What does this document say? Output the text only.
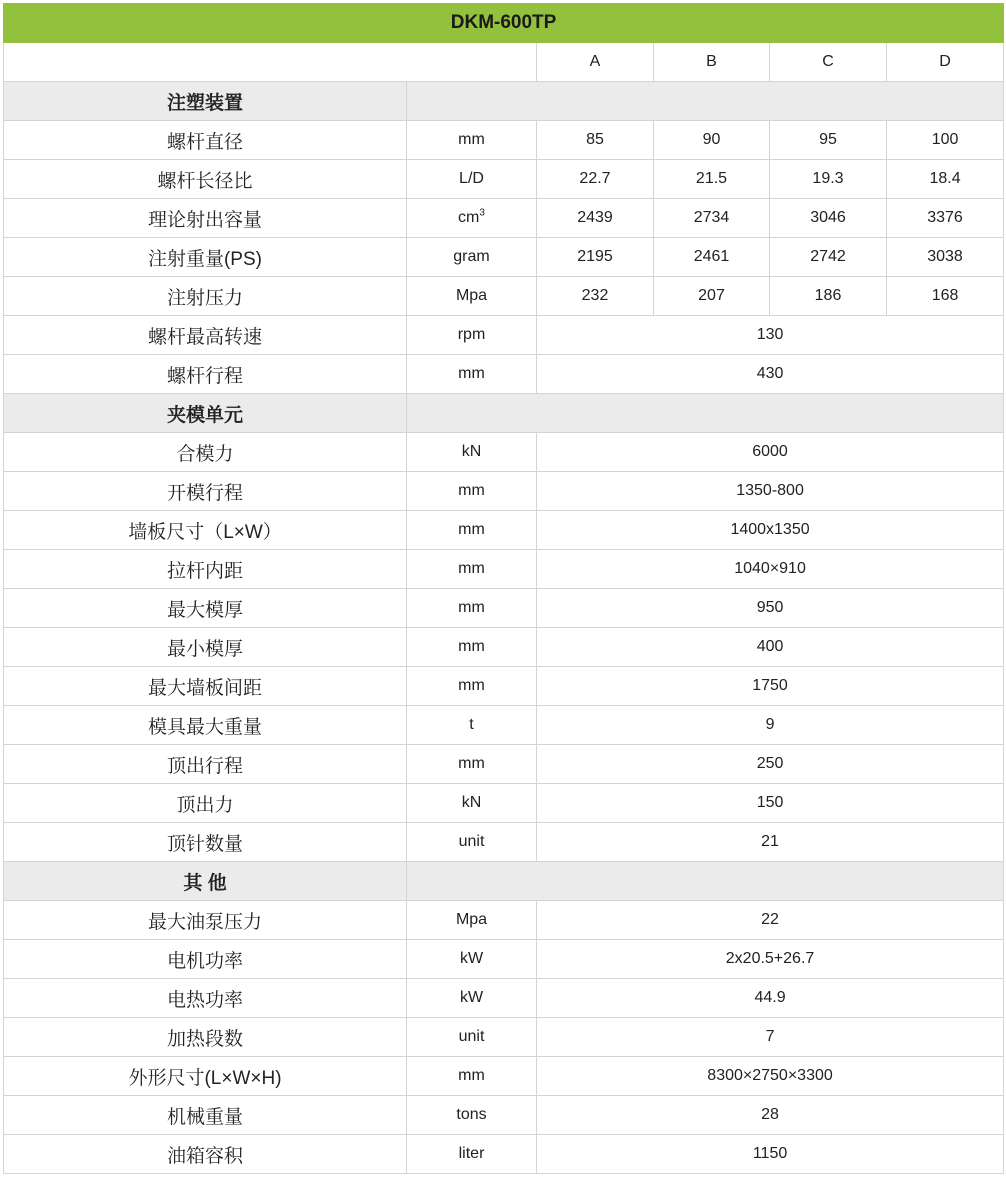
DKM-600TP					
		A	B	C	D
注塑装置					
螺杆直径	mm	85	90	95	100
螺杆长径比	L/D	22.7	21.5	19.3	18.4
理论射出容量	$cm^3$	2439	2734	3046	3376
注射重量(PS)	gram	2195	2461	2742	3038
注射压力	Mpa	232	207	186	168
螺杆最高转速	rpm	130			
螺杆行程	mm	430			
夹模单元					
合模力	kN	6000			
开模行程	mm	1350-800			
墙板尺寸（L×W）	mm	1400x1350			
拉杆内距	mm	1040×910			
最大模厚	mm	950			
最小模厚	mm	400			
最大墙板间距	mm	1750			
模具最大重量	t	9			
顶出行程	mm	250			
顶出力	kN	150			
顶针数量	unit	21			
其 他					
最大油泵压力	Mpa	22			
电机功率	kW	2x20.5+26.7			
电热功率	kW	44.9			
加热段数	unit	7			
外形尺寸(L×W×H)	mm	8300×2750×3300			
机械重量	tons	28			
油箱容积	liter	1150			
